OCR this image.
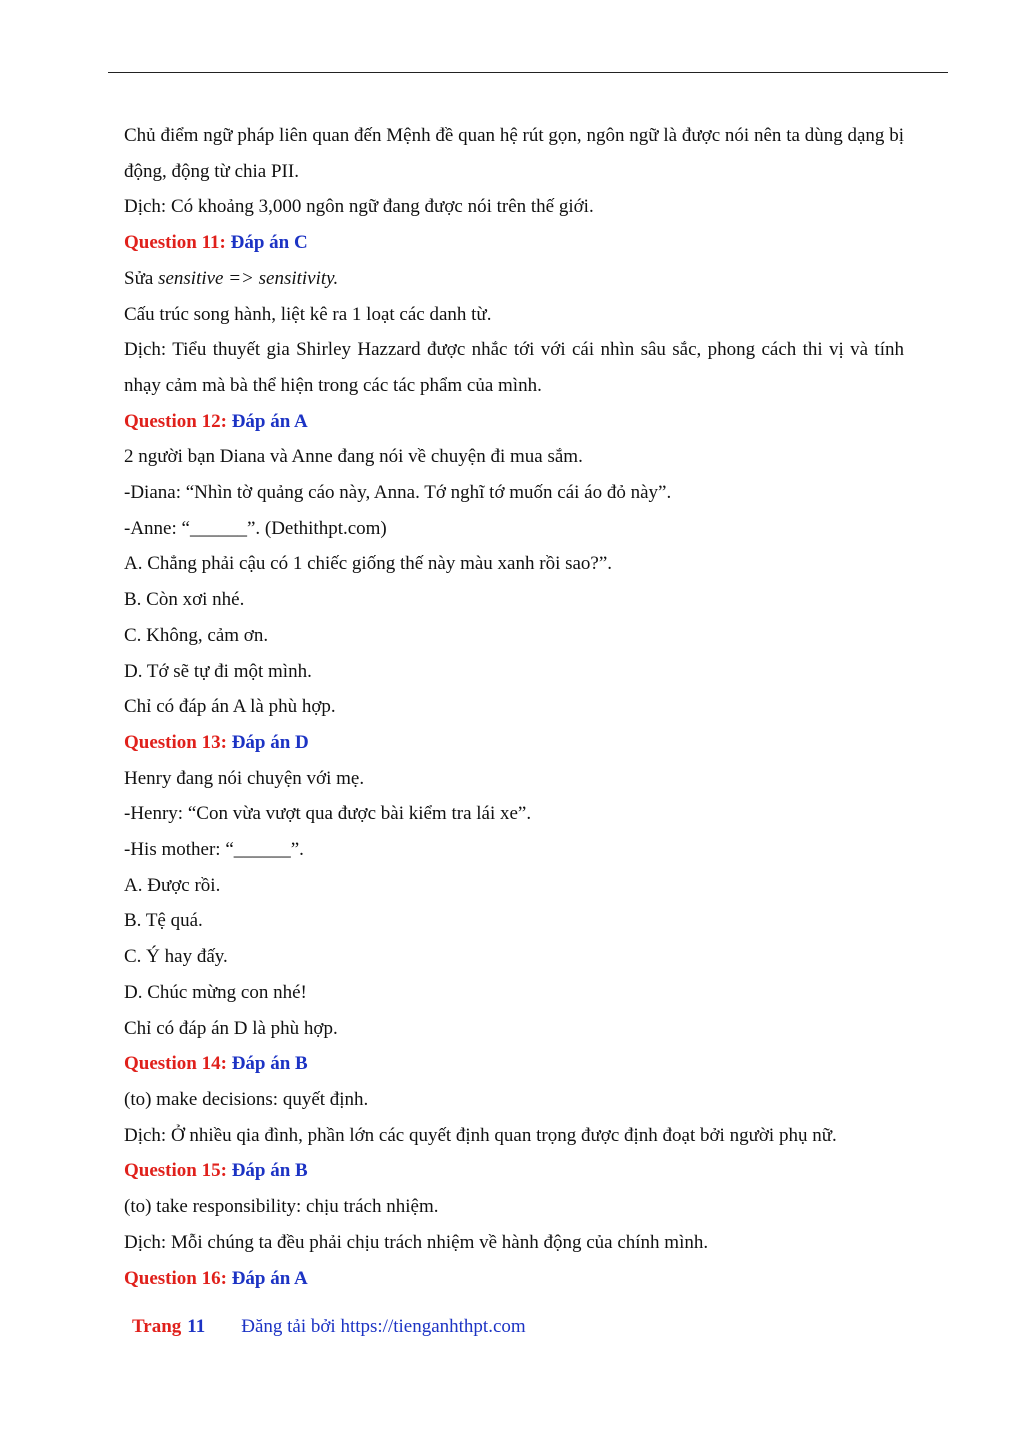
Chủ điểm ngữ pháp liên quan đến Mệnh đề quan hệ rút gọn, ngôn ngữ là được nói nên ta dùng dạng bị động, động từ chia PII.

Dịch: Có khoảng 3,000 ngôn ngữ đang được nói trên thế giới.

Question 11: Đáp án C

Sửa sensitive => sensitivity.

Cấu trúc song hành, liệt kê ra 1 loạt các danh từ.

Dịch: Tiểu thuyết gia Shirley Hazzard được nhắc tới với cái nhìn sâu sắc, phong cách thi vị và tính nhạy cảm mà bà thể hiện trong các tác phẩm của mình.

Question 12: Đáp án A

2 người bạn Diana và Anne đang nói về chuyện đi mua sắm.

-Diana: “Nhìn tờ quảng cáo này, Anna. Tớ nghĩ tớ muốn cái áo đỏ này”.

-Anne: “______”. (Dethithpt.com)

A. Chẳng phải cậu có 1 chiếc giống thế này màu xanh rồi sao?”.

B. Còn xơi nhé.

C. Không, cảm ơn.

D. Tớ sẽ tự đi một mình.

Chỉ có đáp án A là phù hợp.

Question 13: Đáp án D

Henry đang nói chuyện với mẹ.

-Henry: “Con vừa vượt qua được bài kiểm tra lái xe”.

-His mother: “______”.

A. Được rồi.

B. Tệ quá.

C. Ý hay đấy.

D. Chúc mừng con nhé!

Chỉ có đáp án D là phù hợp.

Question 14: Đáp án B

(to) make decisions: quyết định.

Dịch: Ở nhiều qia đình, phần lớn các quyết định quan trọng được định đoạt bởi người phụ nữ.

Question 15: Đáp án B

(to) take responsibility: chịu trách nhiệm.

Dịch: Mỗi chúng ta đều phải chịu trách nhiệm về hành động của chính mình.

Question 16: Đáp án A

Trang 11 Đăng tải bởi https://tienganhthpt.com
